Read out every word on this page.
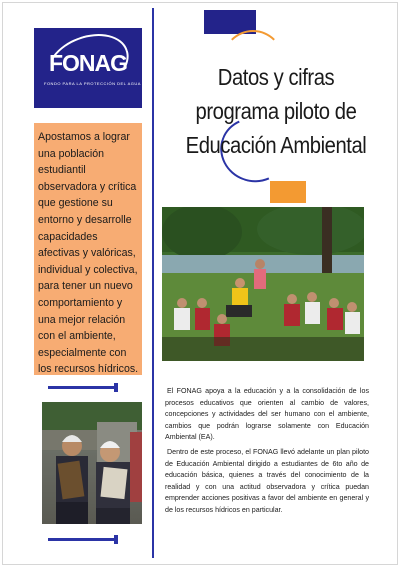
FONAG
FONDO PARA LA PROTECCIÓN DEL AGUA
Apostamos a lograr una población estudiantil observadora y crítica que gestione su entorno y desarrolle capacidades afectivas y valóricas, individual y colectiva, para tener un nuevo comportamiento y una mejor relación con el ambiente, especialmente con los recursos hídricos.
Datos y cifras
programa piloto de
Educación Ambiental

El FONAG apoya a la educación y a la consolidación de los procesos educativos que orienten al cambio de valores, concepciones y actividades del ser humano con el ambiente, cambios que podrán lograrse solamente con Educación Ambiental (EA).

Dentro de este proceso, el FONAG llevó adelante un plan piloto de Educación Ambiental dirigido a estudiantes de 6to año de educación básica, quienes a través del conocimiento de la realidad y con una actitud observadora y crítica puedan emprender acciones positivas a favor del ambiente en general y de los recursos hídricos en particular.
